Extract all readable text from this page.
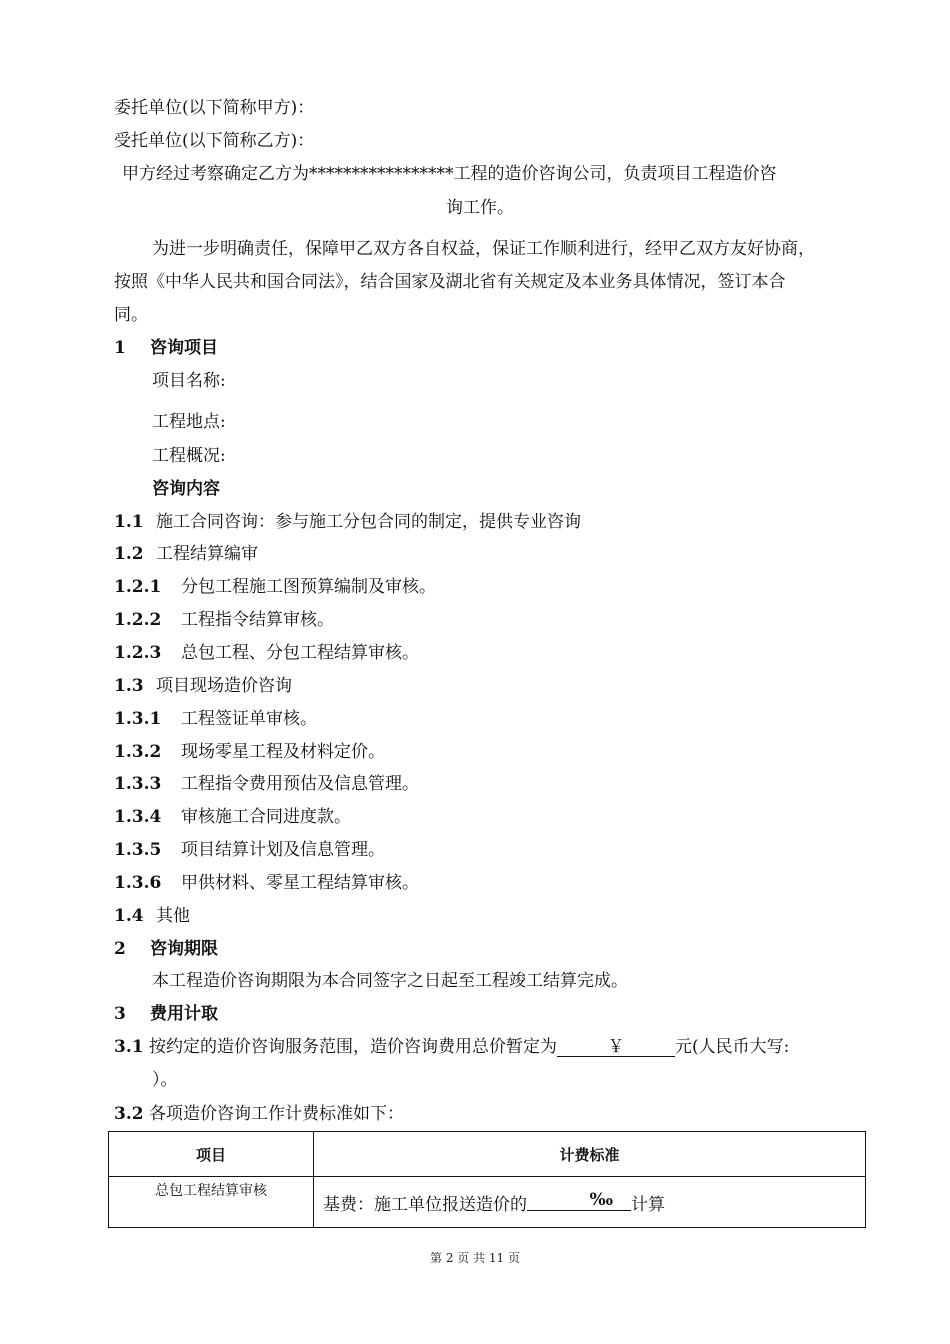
委托单位(以下简称甲方)：
受托单位(以下简称乙方)：
甲方经过考察确定乙方为*****************工程的造价咨询公司，负责项目工程造价咨
询工作。
为进一步明确责任，保障甲乙双方各自权益，保证工作顺利进行，经甲乙双方友好协商，
按照《中华人民共和国合同法》，结合国家及湖北省有关规定及本业务具体情况，签订本合
同。
1 咨询项目
项目名称:
工程地点:
工程概况:
咨询内容
1.1 施工合同咨询：参与施工分包合同的制定，提供专业咨询
1.2 工程结算编审
1.2.1 分包工程施工图预算编制及审核。
1.2.2 工程指令结算审核。
1.2.3 总包工程、分包工程结算审核。
1.3 项目现场造价咨询
1.3.1 工程签证单审核。
1.3.2 现场零星工程及材料定价。
1.3.3 工程指令费用预估及信息管理。
1.3.4 审核施工合同进度款。
1.3.5 项目结算计划及信息管理。
1.3.6 甲供材料、零星工程结算审核。
1.4 其他
2 咨询期限
本工程造价咨询期限为本合同签字之日起至工程竣工结算完成。
3 费用计取
3.1 按约定的造价咨询服务范围，造价咨询费用总价暂定为	￥	元(人民币大写:
）。
3.2 各项造价咨询工作计费标准如下：
项目	计费标准
总包工程结算审核	基费：施工单位报送造价的 ‰ 计算
第 2 页 共 11 页
